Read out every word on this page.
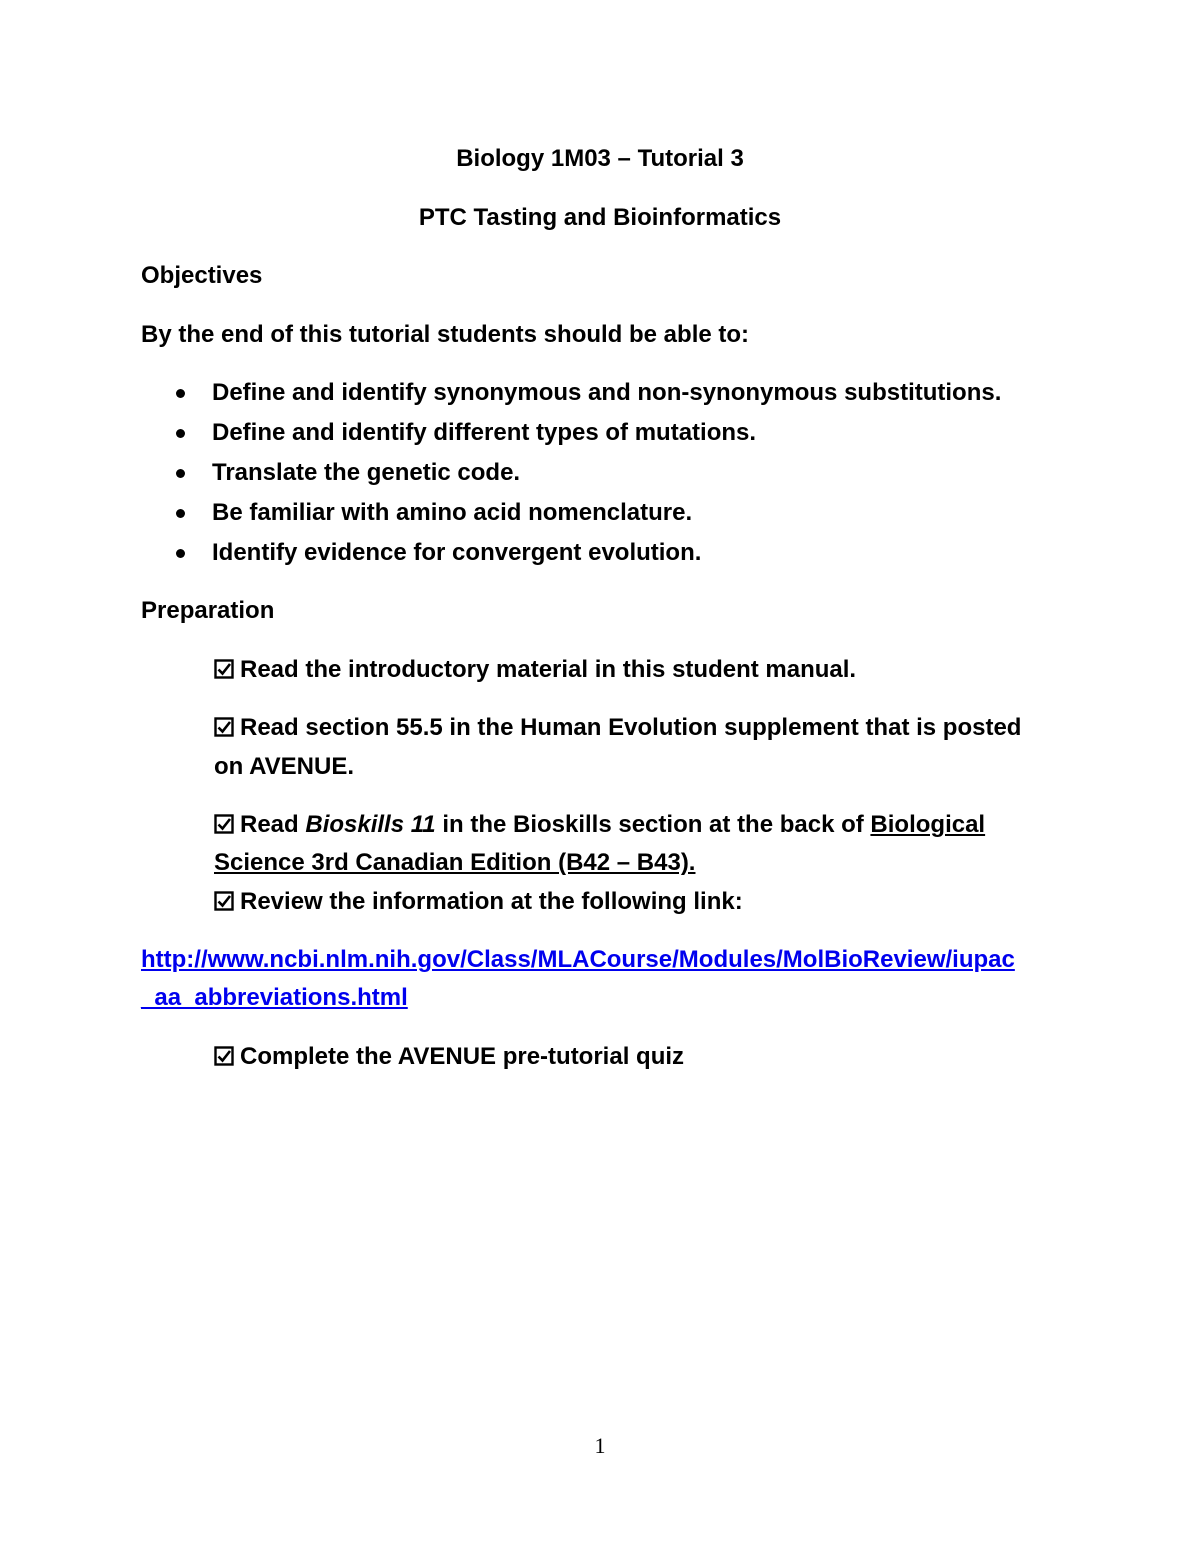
Biology 1M03 – Tutorial 3
PTC Tasting and Bioinformatics
Objectives
By the end of this tutorial students should be able to:
Define and identify synonymous and non-synonymous substitutions.
Define and identify different types of mutations.
Translate the genetic code.
Be familiar with amino acid nomenclature.
Identify evidence for convergent evolution.
Preparation
Read the introductory material in this student manual.
Read section 55.5 in the Human Evolution supplement that is posted
on AVENUE.
Read Bioskills 11 in the Bioskills section at the back of Biological
Science 3rd Canadian Edition (B42 – B43).
Review the information at the following link:
http://www.ncbi.nlm.nih.gov/Class/MLACourse/Modules/MolBioReview/iupac
_aa_abbreviations.html
Complete the AVENUE pre-tutorial quiz
1
